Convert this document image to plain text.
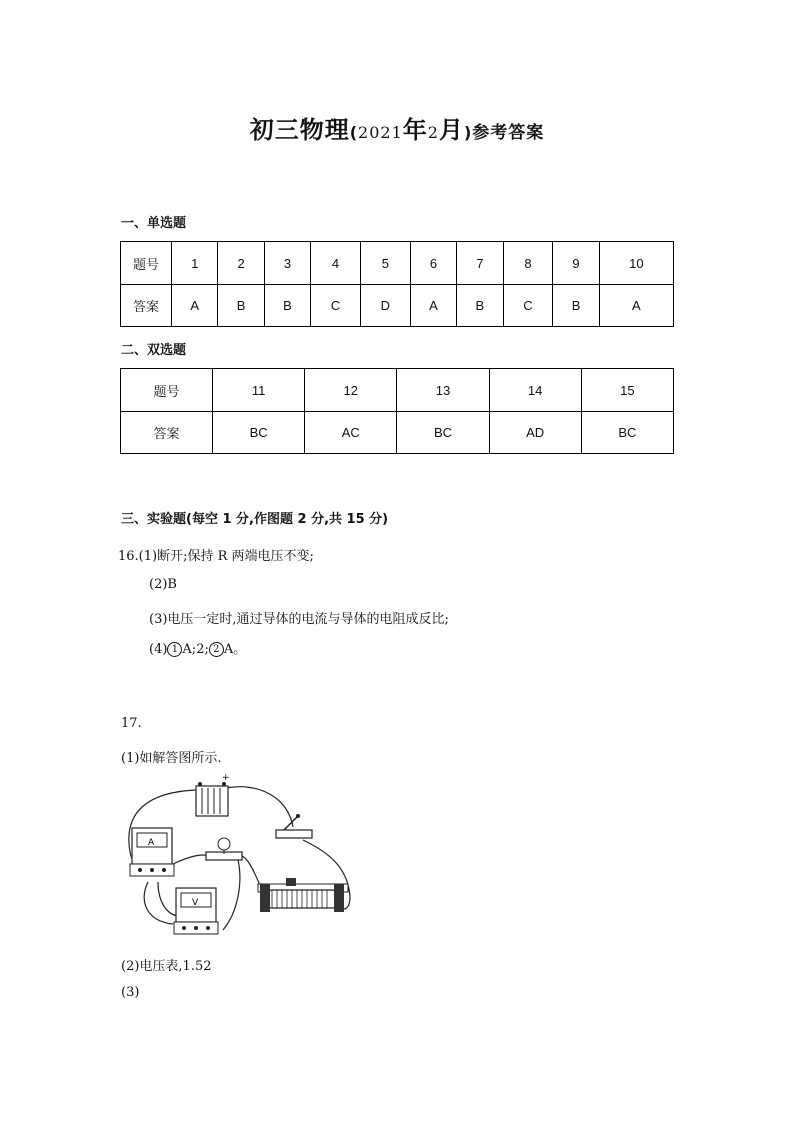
初三物理(2021年2月)参考答案
一、单选题
题号	1	2	3	4	5	6	7	8	9	10
答案	A	B	B	C	D	A	B	C	B	A
二、双选题
题号	11	12	13	14	15
答案	BC	AC	BC	AD	BC
三、实验题(每空 1 分,作图题 2 分,共 15 分)
16.(1)断开;保持 R 两端电压不变;
(2)B
(3)电压一定时,通过导体的电流与导体的电阻成反比;
(4) 1 A;2; 2 A。
17.
(1)如解答图所示.
+
A
V
(2)电压表,1.52
(3)
